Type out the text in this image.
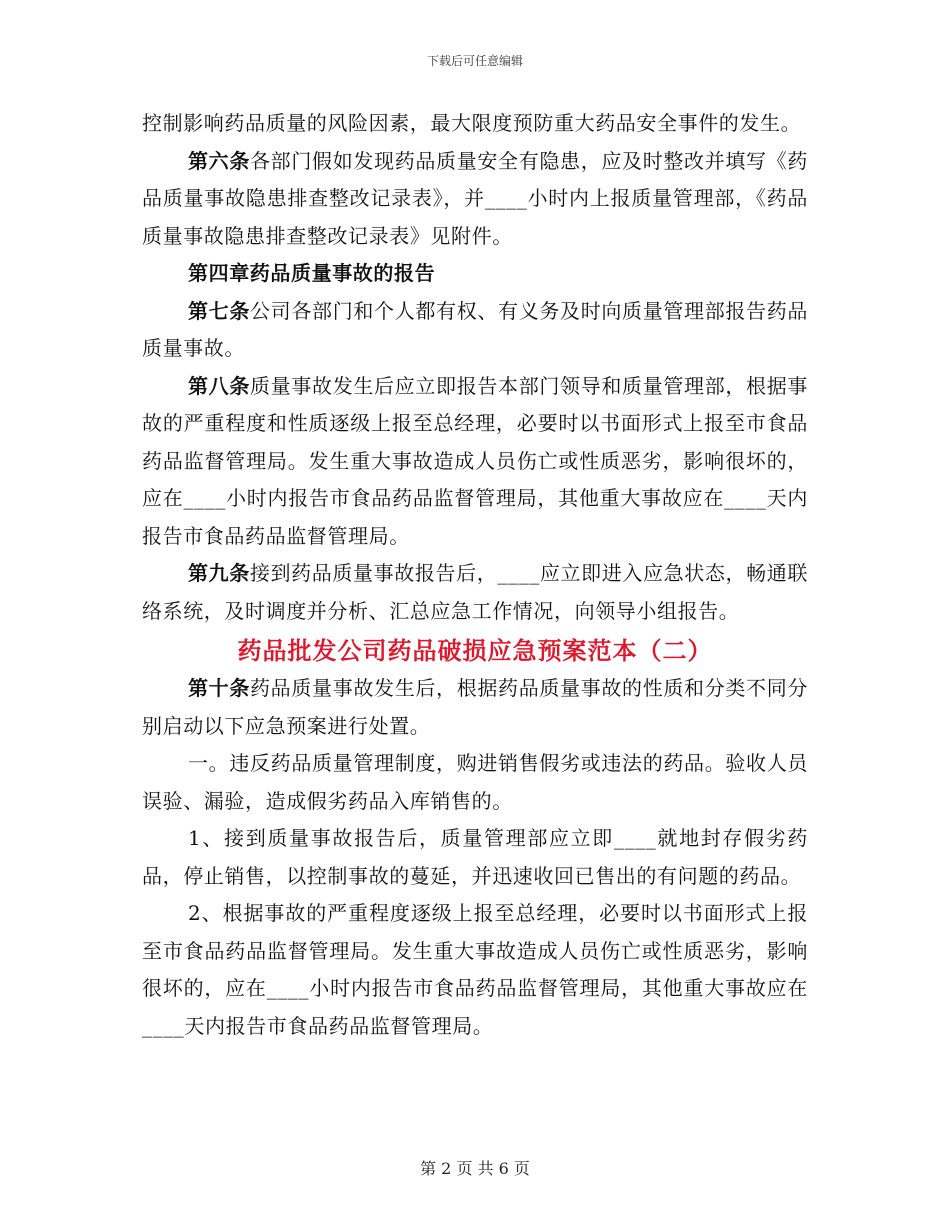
下载后可任意编辑

控制影响药品质量的风险因素，最大限度预防重大药品安全事件的发生。

第六条各部门假如发现药品质量安全有隐患，应及时整改并填写《药品质量事故隐患排查整改记录表》，并____小时内上报质量管理部，《药品质量事故隐患排查整改记录表》见附件。

第四章药品质量事故的报告

第七条公司各部门和个人都有权、有义务及时向质量管理部报告药品质量事故。

第八条质量事故发生后应立即报告本部门领导和质量管理部，根据事故的严重程度和性质逐级上报至总经理，必要时以书面形式上报至市食品药品监督管理局。发生重大事故造成人员伤亡或性质恶劣，影响很坏的，应在____小时内报告市食品药品监督管理局，其他重大事故应在____天内报告市食品药品监督管理局。

第九条接到药品质量事故报告后，____应立即进入应急状态，畅通联络系统，及时调度并分析、汇总应急工作情况，向领导小组报告。

药品批发公司药品破损应急预案范本（二）

第十条药品质量事故发生后，根据药品质量事故的性质和分类不同分别启动以下应急预案进行处置。

一。违反药品质量管理制度，购进销售假劣或违法的药品。验收人员误验、漏验，造成假劣药品入库销售的。

1、接到质量事故报告后，质量管理部应立即____就地封存假劣药品，停止销售，以控制事故的蔓延，并迅速收回已售出的有问题的药品。

2、根据事故的严重程度逐级上报至总经理，必要时以书面形式上报至市食品药品监督管理局。发生重大事故造成人员伤亡或性质恶劣，影响很坏的，应在____小时内报告市食品药品监督管理局，其他重大事故应在____天内报告市食品药品监督管理局。

第 2 页 共 6 页
